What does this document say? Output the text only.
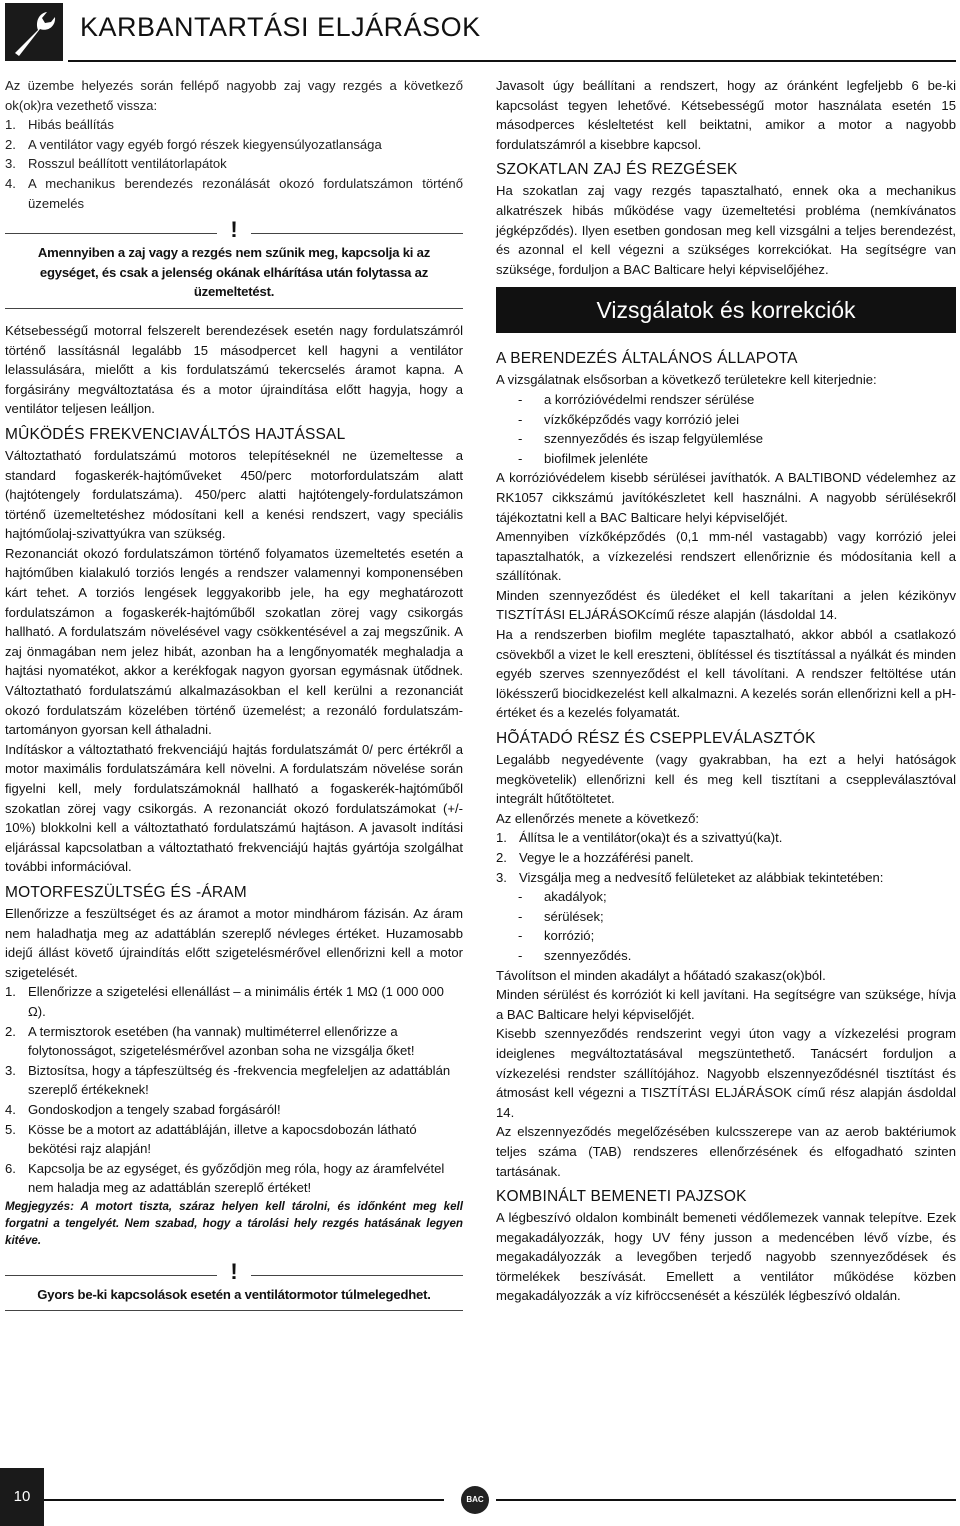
KARBANTARTÁSI ELJÁRÁSOK

Az üzembe helyezés során fellépő nagyobb zaj vagy rezgés a következő ok(ok)ra vezethető vissza:

1. Hibás beállítás
2. A ventilátor vagy egyéb forgó részek kiegyensúlyozatlansága
3. Rosszul beállított ventilátorlapátok
4. A mechanikus berendezés rezonálását okozó fordulatszámon történő üzemelés
!
Amennyiben a zaj vagy a rezgés nem szűnik meg, kapcsolja ki az egységet, és csak a jelenség okának elhárítása után folytassa az üzemeltetést.

Kétsebességű motorral felszerelt berendezések esetén nagy fordulatszámról történő lassításnál legalább 15 másodpercet kell hagyni a ventilátor lelassulására, mielőtt a kis fordulatszámú tekercselés áramot kapna. A forgásirány megváltoztatása és a motor újraindítása előtt hagyja, hogy a ventilátor teljesen leálljon.

MÛKÖDÉS FREKVENCIAVÁLTÓS HAJTÁSSAL

Változtatható fordulatszámú motoros telepítéseknél ne üzemeltesse a standard fogaskerék-hajtóműveket 450/perc motorfordulatszám alatt (hajtótengely fordulatszáma). 450/perc alatti hajtótengely-fordulatszámon történő üzemeltetéshez módosítani kell a kenési rendszert, vagy speciális hajtóműolaj-szivattyúkra van szükség.

Rezonanciát okozó fordulatszámon történő folyamatos üzemeltetés esetén a hajtóműben kialakuló torziós lengés a rendszer valamennyi komponensében kárt tehet. A torziós lengések leggyakoribb jele, ha egy meghatározott fordulatszámon a fogaskerék-hajtóműből szokatlan zörej vagy csikorgás hallható. A fordulatszám növelésével vagy csökkentésével a zaj megszűnik. A zaj önmagában nem jelez hibát, azonban ha a lengőnyomaték meghaladja a hajtási nyomatékot, akkor a kerékfogak nagyon gyorsan egymásnak ütődnek. Változtatható fordulatszámú alkalmazásokban el kell kerülni a rezonanciát okozó fordulatszám közelében történő üzemelést; a rezonáló fordulatszám-tartományon gyorsan kell áthaladni.

Indításkor a változtatható frekvenciájú hajtás fordulatszámát 0/ perc értékről a motor maximális fordulatszámára kell növelni. A fordulatszám növelése során figyelni kell, mely fordulatszámoknál hallható a fogaskerék-hajtóműből szokatlan zörej vagy csikorgás. A rezonanciát okozó fordulatszámokat (+/- 10%) blokkolni kell a változtatható fordulatszámú hajtáson. A javasolt indítási eljárással kapcsolatban a változtatható frekvenciájú hajtás gyártója szolgálhat további információval.

MOTORFESZÜLTSÉG ÉS -ÁRAM

Ellenőrizze a feszültséget és az áramot a motor mindhárom fázisán. Az áram nem haladhatja meg az adattáblán szereplő névleges értéket. Huzamosabb idejű állást követő újraindítás előtt szigetelésmérővel ellenőrizni kell a motor szigetelését.

1. Ellenőrizze a szigetelési ellenállást – a minimális érték 1 MΩ (1 000 000 Ω).
2. A termisztorok esetében (ha vannak) multiméterrel ellenőrizze a folytonosságot, szigetelésmérővel azonban soha ne vizsgálja őket!
3. Biztosítsa, hogy a tápfeszültség és -frekvencia megfeleljen az adattáblán szereplő értékeknek!
4. Gondoskodjon a tengely szabad forgásáról!
5. Kösse be a motort az adattábláján, illetve a kapocsdobozán látható bekötési rajz alapján!
6. Kapcsolja be az egységet, és győződjön meg róla, hogy az áramfelvétel nem haladja meg az adattáblán szereplő értéket!

Megjegyzés: A motort tiszta, száraz helyen kell tárolni, és időnként meg kell forgatni a tengelyét. Nem szabad, hogy a tárolási hely rezgés hatásának legyen kitéve.

!
Gyors be-ki kapcsolások esetén a ventilátormotor túlmelegedhet.

Javasolt úgy beállítani a rendszert, hogy az óránként legfeljebb 6 be-ki kapcsolást tegyen lehetővé. Kétsebességű motor használata esetén 15 másodperces késleltetést kell beiktatni, amikor a motor a nagyobb fordulatszámról a kisebbre kapcsol.

SZOKATLAN ZAJ ÉS REZGÉSEK

Ha szokatlan zaj vagy rezgés tapasztalható, ennek oka a mechanikus alkatrészek hibás működése vagy üzemeltetési probléma (nemkívánatos jégképződés). Ilyen esetben gondosan meg kell vizsgálni a teljes berendezést, és azonnal el kell végezni a szükséges korrekciókat. Ha segítségre van szüksége, forduljon a BAC Balticare helyi képviselőjéhez.

Vizsgálatok és korrekciók
A BERENDEZÉS ÁLTALÁNOS ÁLLAPOTA

A vizsgálatnak elsősorban a következő területekre kell kiterjednie:

- a korrózióvédelmi rendszer sérülése
- vízkőképződés vagy korrózió jelei
- szennyeződés és iszap felgyülemlése
- biofilmek jelenléte

A korrózióvédelem kisebb sérülései javíthatók. A BALTIBOND védelemhez az RK1057 cikkszámú javítókészletet kell használni. A nagyobb sérülésekről tájékoztatni kell a BAC Balticare helyi képviselőjét.

Amennyiben vízkőképződés (0,1 mm-nél vastagabb) vagy korrózió jelei tapasztalhatók, a vízkezelési rendszert ellenőriznie és módosítania kell a szállítónak.

Minden szennyeződést és üledéket el kell takarítani a jelen kézikönyv TISZTÍTÁSI ELJÁRÁSOKcímű része alapján (lásdoldal 14.

Ha a rendszerben biofilm meglétе tapasztalható, akkor abból a csatlakozó csövekből a vizet le kell ereszteni, öblítéssel és tisztítással a nyálkát és minden egyéb szerves szennyeződést el kell távolítani. A rendszer feltöltése után lökésszerű biocidkezelést kell alkalmazni. A kezelés során ellenőrizni kell a pH-értéket és a kezelés folyamatát.

HÕÁTADÓ RÉSZ ÉS CSEPPLEVÁLASZTÓK

Legalább negyedévente (vagy gyakrabban, ha ezt a helyi hatóságok megkövetelik) ellenőrizni kell és meg kell tisztítani a cseppleválasztóval integrált hűtőtöltetet.

Az ellenőrzés menete a következő:

1. Állítsa le a ventilátor(oka)t és a szivattyú(ka)t.
2. Vegye le a hozzáférési panelt.
3. Vizsgálja meg a nedvesítő felületeket az alábbiak tekintetében:
- akadályok;
- sérülések;
- korrózió;
- szennyeződés.

Távolítson el minden akadályt a hőátadó szakasz(ok)ból.

Minden sérülést és korróziót ki kell javítani. Ha segítségre van szüksége, hívja a BAC Balticare helyi képviselőjét.

Kisebb szennyeződés rendszerint vegyi úton vagy a vízkezelési program ideiglenes megváltoztatásával megszüntethető. Tanácsért forduljon a vízkezelési rendster szállítójához. Nagyobb elszennyeződésnél tisztítást és átmosást kell végezni a TISZTÍTÁSI ELJÁRÁSOK című rész alapján ásdoldal 14.

Az elszennyeződés megelőzésében kulcsszerepe van az aerob baktériumok teljes száma (TAB) rendszeres ellenőrzésének és elfogadható szinten tartásának.

KOMBINÁLT BEMENETI PAJZSOK

A légbeszívó oldalon kombinált bemeneti védőlemezek vannak telepítve. Ezek megakadályozzák, hogy UV fény jusson a medencében lévő vízbe, és megakadályozzák a levegőben terjedő nagyobb szennyeződések és törmelékek beszívását. Emellett a ventilátor működése közben megakadályozzák a víz kifröccsenését a készülék légbeszívó oldalán.

10	BAC
